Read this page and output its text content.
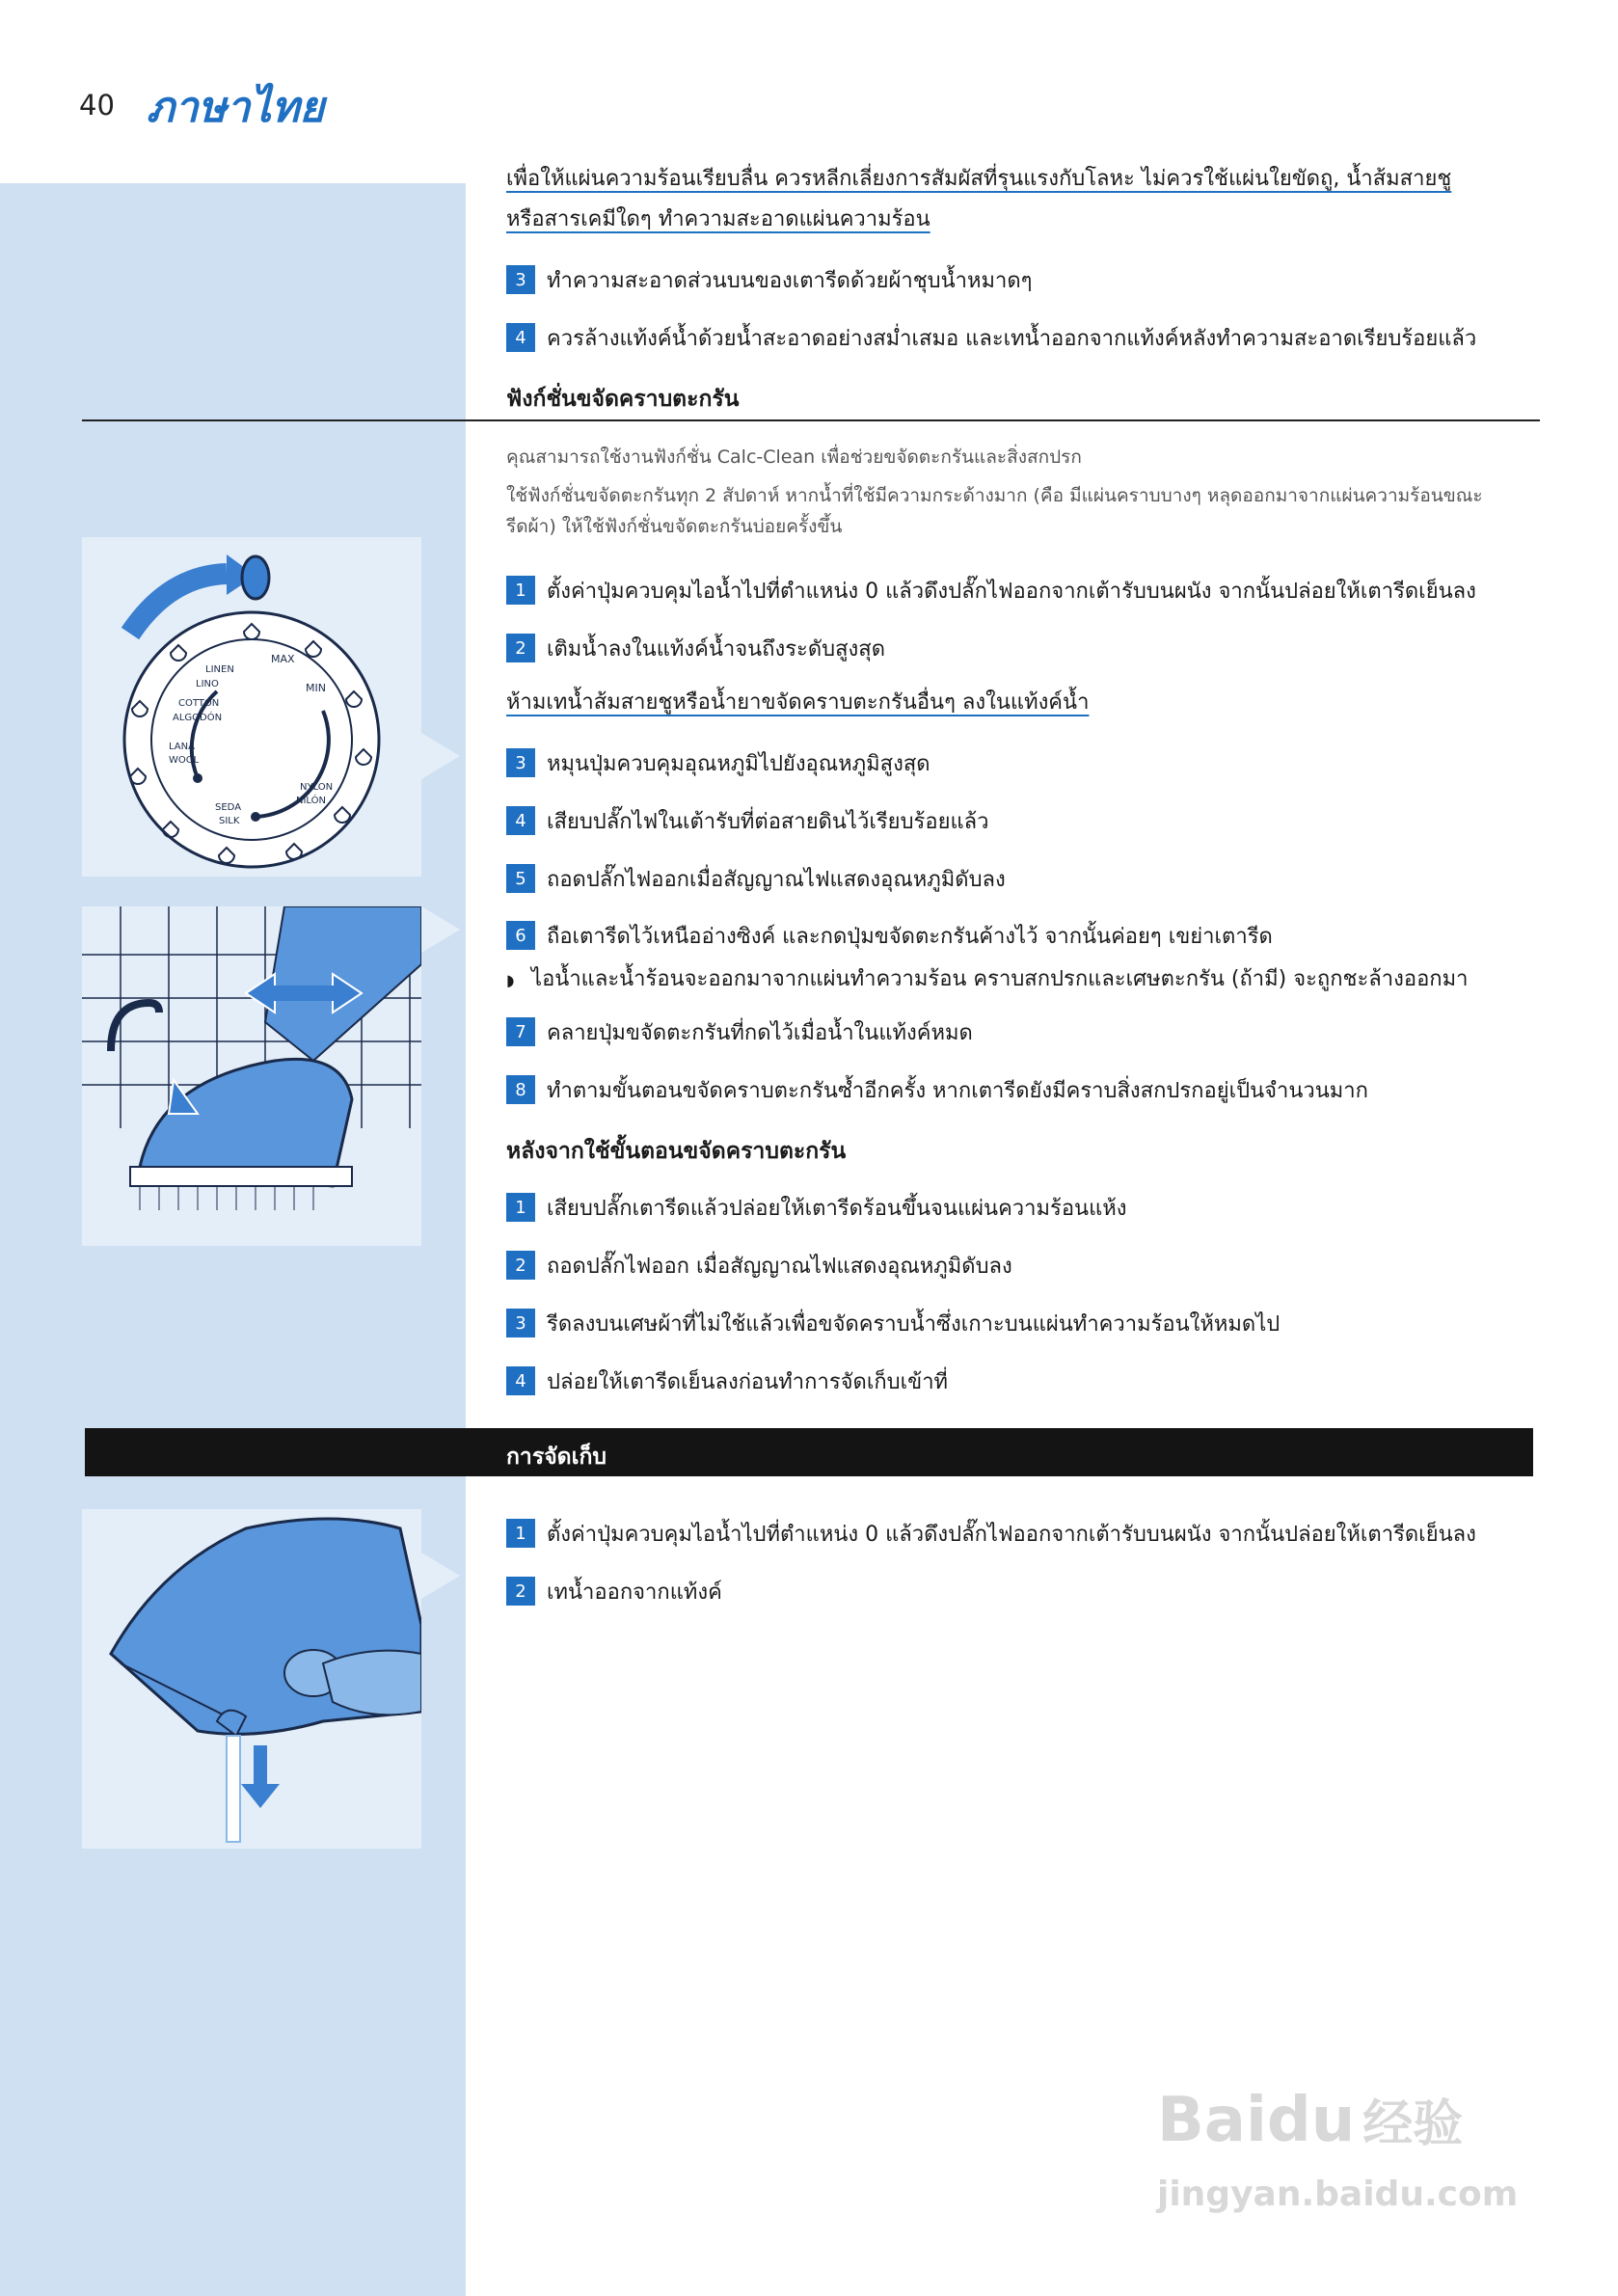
40 ภาษาไทย
เพื่อให้แผ่นความร้อนเรียบลื่น ควรหลีกเลี่ยงการสัมผัสที่รุนแรงกับโลหะ ไม่ควรใช้แผ่นใยขัดถู, น้ำส้มสายชู
หรือสารเคมีใดๆ ทำความสะอาดแผ่นความร้อน
3 ทำความสะอาดส่วนบนของเตารีดด้วยผ้าชุบน้ำหมาดๆ
4 ควรล้างแท้งค์น้ำด้วยน้ำสะอาดอย่างสม่ำเสมอ และเทน้ำออกจากแท้งค์หลังทำความสะอาดเรียบร้อยแล้ว
ฟังก์ชั่นขจัดคราบตะกรัน
คุณสามารถใช้งานฟังก์ชั่น Calc-Clean เพื่อช่วยขจัดตะกรันและสิ่งสกปรก
ใช้ฟังก์ชั่นขจัดตะกรันทุก 2 สัปดาห์ หากน้ำที่ใช้มีความกระด้างมาก (คือ มีแผ่นคราบบางๆ หลุดออกมาจากแผ่นความร้อนขณะ
รีดผ้า) ให้ใช้ฟังก์ชั่นขจัดตะกรันบ่อยครั้งขึ้น
MAX
MIN
LINEN
LINO
COTTON
ALGODÓN
LANA
WOOL
SEDA
SILK
NYLON
NILÓN
1 ตั้งค่าปุ่มควบคุมไอน้ำไปที่ตำแหน่ง 0 แล้วดึงปลั๊กไฟออกจากเต้ารับบนผนัง จากนั้นปล่อยให้เตารีดเย็นลง
2 เติมน้ำลงในแท้งค์น้ำจนถึงระดับสูงสุด
ห้ามเทน้ำส้มสายชูหรือน้ำยาขจัดคราบตะกรันอื่นๆ ลงในแท้งค์น้ำ
3 หมุนปุ่มควบคุมอุณหภูมิไปยังอุณหภูมิสูงสุด
4 เสียบปลั๊กไฟในเต้ารับที่ต่อสายดินไว้เรียบร้อยแล้ว
5 ถอดปลั๊กไฟออกเมื่อสัญญาณไฟแสดงอุณหภูมิดับลง
6 ถือเตารีดไว้เหนืออ่างซิงค์ และกดปุ่มขจัดตะกรันค้างไว้ จากนั้นค่อยๆ เขย่าเตารีด
◗ ไอน้ำและน้ำร้อนจะออกมาจากแผ่นทำความร้อน คราบสกปรกและเศษตะกรัน (ถ้ามี) จะถูกชะล้างออกมา
7 คลายปุ่มขจัดตะกรันที่กดไว้เมื่อน้ำในแท้งค์หมด
8 ทำตามขั้นตอนขจัดคราบตะกรันซ้ำอีกครั้ง หากเตารีดยังมีคราบสิ่งสกปรกอยู่เป็นจำนวนมาก
หลังจากใช้ขั้นตอนขจัดคราบตะกรัน
1 เสียบปลั๊กเตารีดแล้วปล่อยให้เตารีดร้อนขึ้นจนแผ่นความร้อนแห้ง
2 ถอดปลั๊กไฟออก เมื่อสัญญาณไฟแสดงอุณหภูมิดับลง
3 รีดลงบนเศษผ้าที่ไม่ใช้แล้วเพื่อขจัดคราบน้ำซึ่งเกาะบนแผ่นทำความร้อนให้หมดไป
4 ปล่อยให้เตารีดเย็นลงก่อนทำการจัดเก็บเข้าที่
การจัดเก็บ
1 ตั้งค่าปุ่มควบคุมไอน้ำไปที่ตำแหน่ง 0 แล้วดึงปลั๊กไฟออกจากเต้ารับบนผนัง จากนั้นปล่อยให้เตารีดเย็นลง
2 เทน้ำออกจากแท้งค์
Baidu 经验
jingyan.baidu.com
